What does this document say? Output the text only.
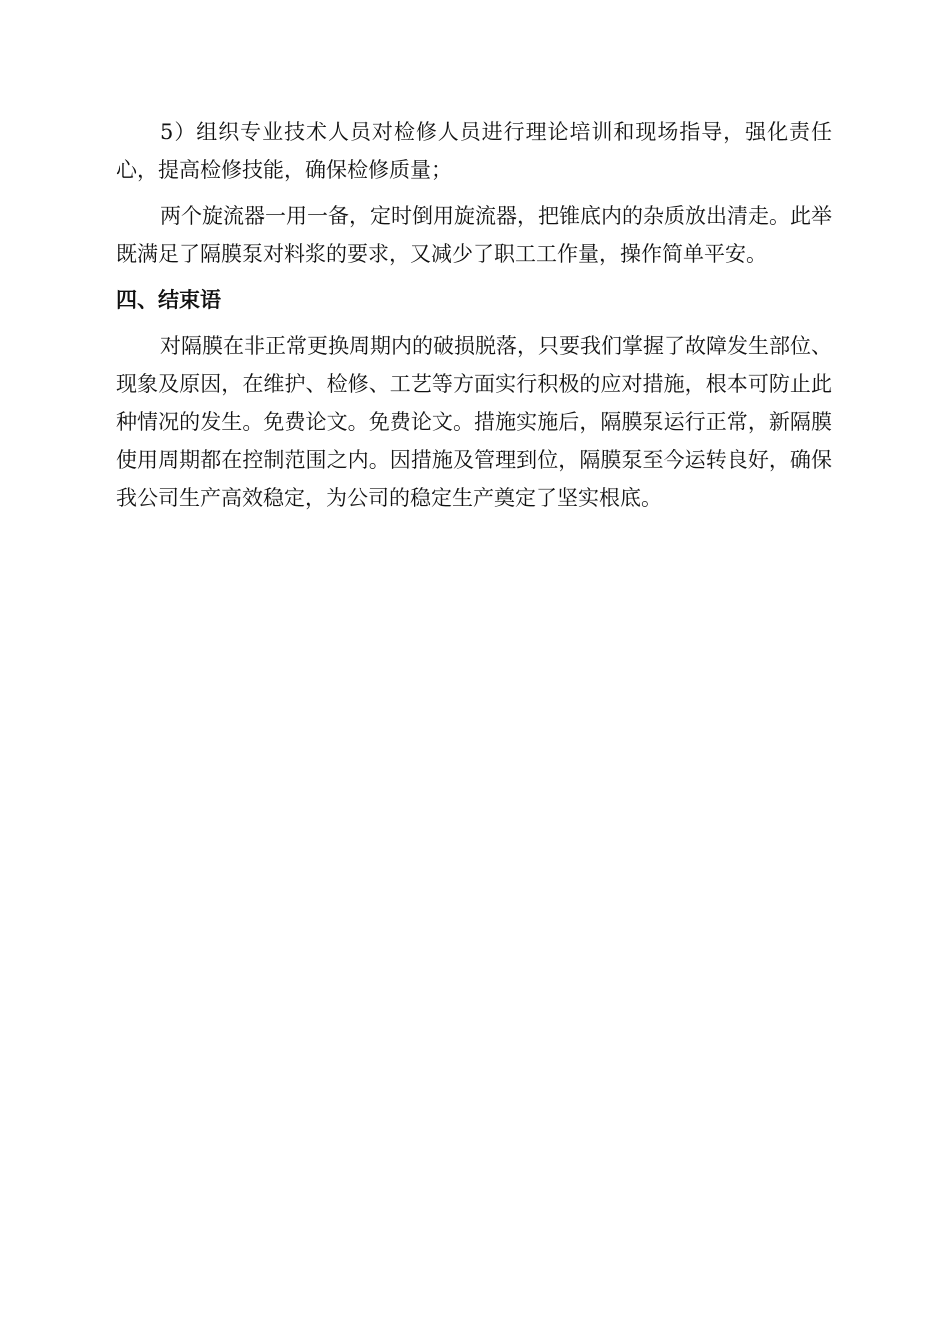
5）组织专业技术人员对检修人员进行理论培训和现场指导，强化责任心，提高检修技能，确保检修质量；

两个旋流器一用一备，定时倒用旋流器，把锥底内的杂质放出清走。此举既满足了隔膜泵对料浆的要求，又减少了职工工作量，操作简单平安。

四、结束语

对隔膜在非正常更换周期内的破损脱落，只要我们掌握了故障发生部位、现象及原因，在维护、检修、工艺等方面实行积极的应对措施，根本可防止此种情况的发生。免费论文。免费论文。措施实施后，隔膜泵运行正常，新隔膜使用周期都在控制范围之内。因措施及管理到位，隔膜泵至今运转良好，确保我公司生产高效稳定，为公司的稳定生产奠定了坚实根底。
